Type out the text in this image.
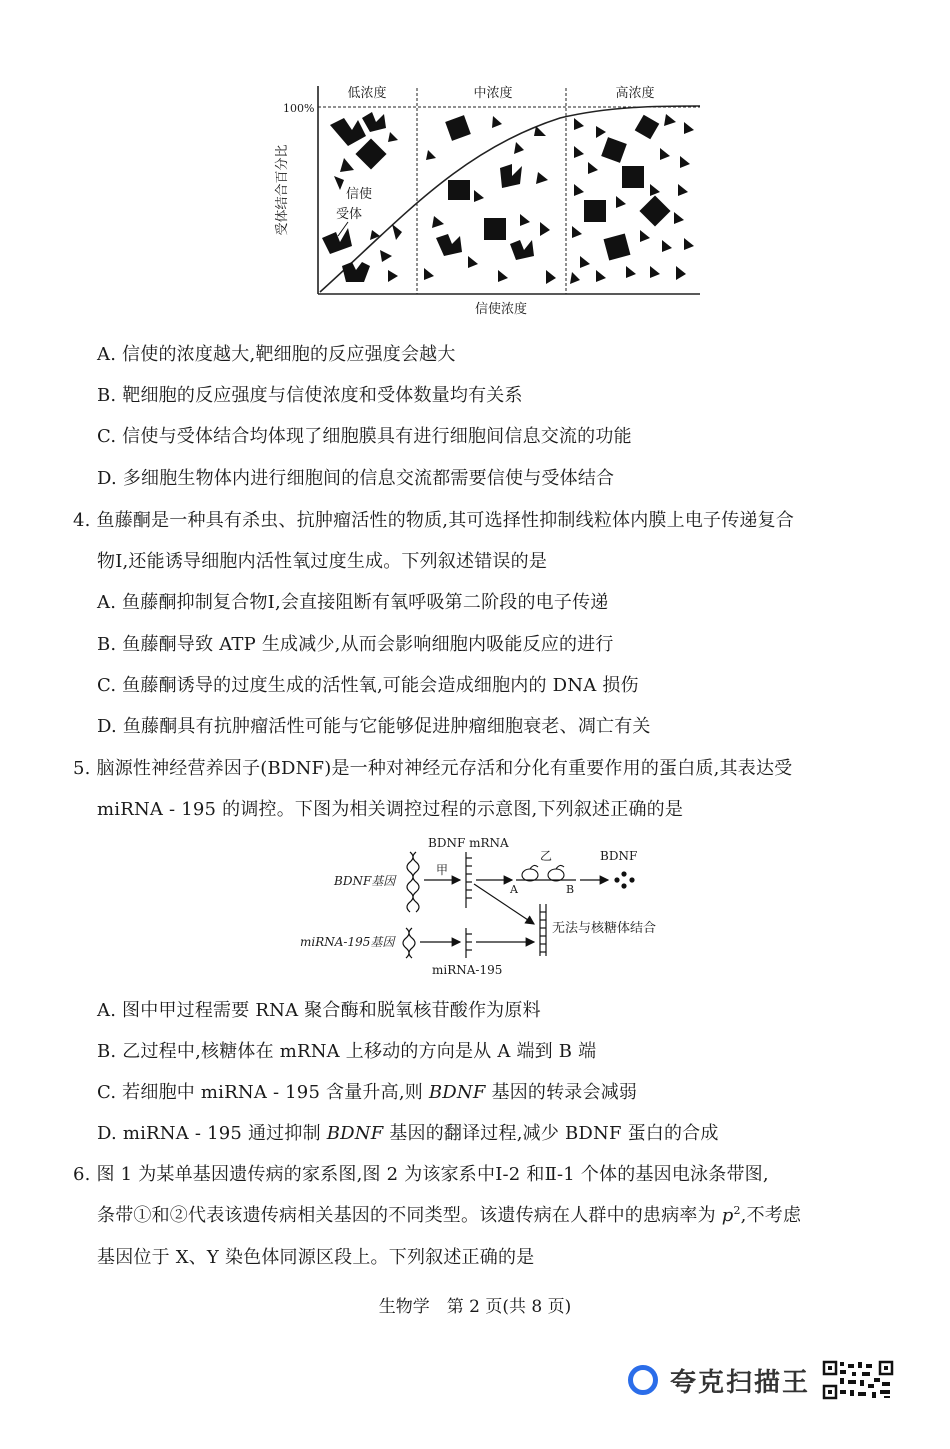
低浓度	中浓度	高浓度
100%
受体结合百分比
信使浓度
信使
受体
A. 信使的浓度越大,靶细胞的反应强度会越大
B. 靶细胞的反应强度与信使浓度和受体数量均有关系
C. 信使与受体结合均体现了细胞膜具有进行细胞间信息交流的功能
D. 多细胞生物体内进行细胞间的信息交流都需要信使与受体结合
4. 鱼藤酮是一种具有杀虫、抗肿瘤活性的物质,其可选择性抑制线粒体内膜上电子传递复合
物Ⅰ,还能诱导细胞内活性氧过度生成。下列叙述错误的是
A. 鱼藤酮抑制复合物Ⅰ,会直接阻断有氧呼吸第二阶段的电子传递
B. 鱼藤酮导致 ATP 生成减少,从而会影响细胞内吸能反应的进行
C. 鱼藤酮诱导的过度生成的活性氧,可能会造成细胞内的 DNA 损伤
D. 鱼藤酮具有抗肿瘤活性可能与它能够促进肿瘤细胞衰老、凋亡有关
5. 脑源性神经营养因子(BDNF)是一种对神经元存活和分化有重要作用的蛋白质,其表达受
miRNA - 195 的调控。下图为相关调控过程的示意图,下列叙述正确的是
BDNF mRNA
BDNF基因
甲
A	B
乙	BDNF
miRNA-195基因
miRNA-195
无法与核糖体结合
A. 图中甲过程需要 RNA 聚合酶和脱氧核苷酸作为原料
B. 乙过程中,核糖体在 mRNA 上移动的方向是从 A 端到 B 端
C. 若细胞中 miRNA - 195 含量升高,则 BDNF 基因的转录会减弱
D. miRNA - 195 通过抑制 BDNF 基因的翻译过程,减少 BDNF 蛋白的合成
6. 图 1 为某单基因遗传病的家系图,图 2 为该家系中Ⅰ-2 和Ⅱ-1 个体的基因电泳条带图,
条带①和②代表该遗传病相关基因的不同类型。该遗传病在人群中的患病率为 $p^2$,不考虑
基因位于 X、Y 染色体同源区段上。下列叙述正确的是
生物学　第 2 页(共 8 页)
夸克扫描王
